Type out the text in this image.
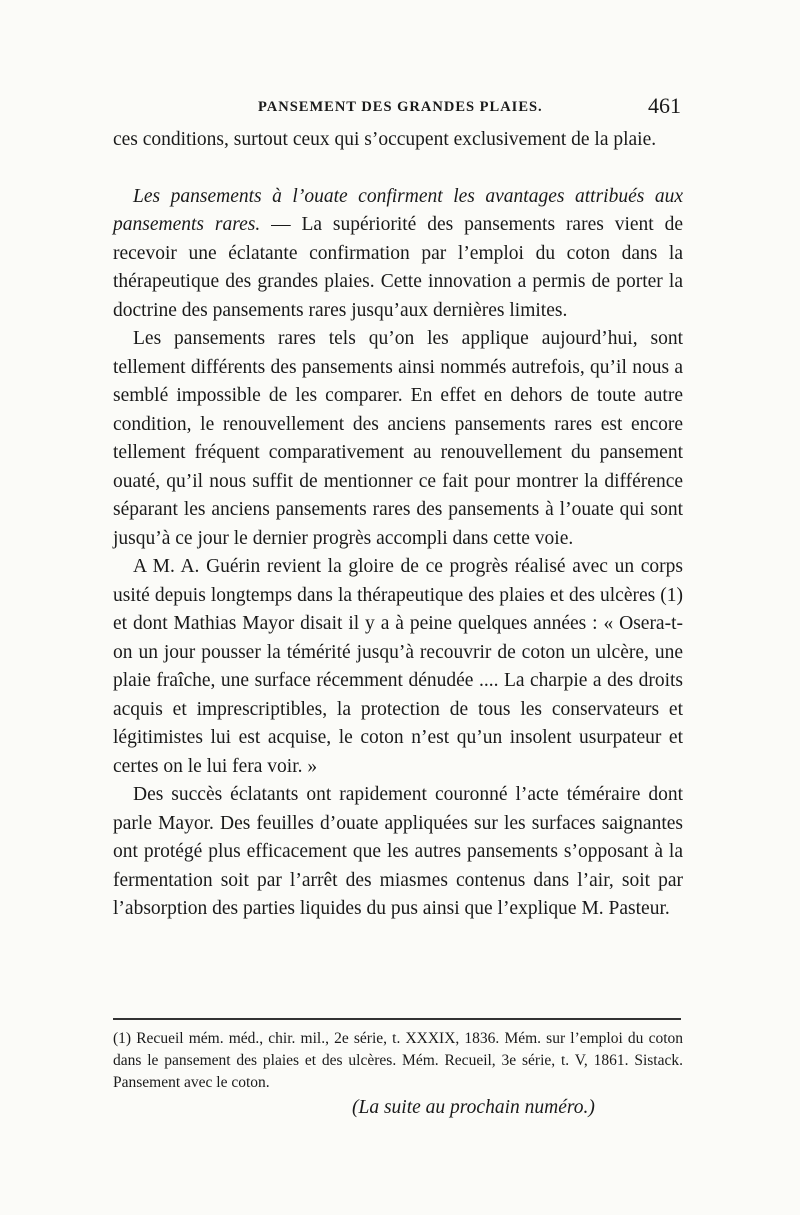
PANSEMENT DES GRANDES PLAIES.	461

ces conditions, surtout ceux qui s’occupent exclusivement de la plaie.

Les pansements à l’ouate confirment les avantages attribués aux pansements rares. — La supériorité des pansements rares vient de recevoir une éclatante confirmation par l’emploi du coton dans la thérapeutique des grandes plaies. Cette innovation a permis de porter la doctrine des pansements rares jusqu’aux dernières limites.

Les pansements rares tels qu’on les applique aujourd’hui, sont tellement différents des pansements ainsi nommés autrefois, qu’il nous a semblé impossible de les comparer. En effet en dehors de toute autre condition, le renouvellement des anciens pansements rares est encore tellement fréquent comparativement au renouvellement du pansement ouaté, qu’il nous suffit de mentionner ce fait pour montrer la différence séparant les anciens pansements rares des pansements à l’ouate qui sont jusqu’à ce jour le dernier progrès accompli dans cette voie.

A M. A. Guérin revient la gloire de ce progrès réalisé avec un corps usité depuis longtemps dans la thérapeutique des plaies et des ulcères (1) et dont Mathias Mayor disait il y a à peine quelques années : « Osera-t-on un jour pousser la témérité jusqu’à recouvrir de coton un ulcère, une plaie fraîche, une surface récemment dénudée .... La charpie a des droits acquis et imprescriptibles, la protection de tous les conservateurs et légitimistes lui est acquise, le coton n’est qu’un insolent usurpateur et certes on le lui fera voir. »

Des succès éclatants ont rapidement couronné l’acte téméraire dont parle Mayor. Des feuilles d’ouate appliquées sur les surfaces saignantes ont protégé plus efficacement que les autres pansements s’opposant à la fermentation soit par l’arrêt des miasmes contenus dans l’air, soit par l’absorption des parties liquides du pus ainsi que l’explique M. Pasteur.

(1) Recueil mém. méd., chir. mil., 2e série, t. XXXIX, 1836. Mém. sur l’emploi du coton dans le pansement des plaies et des ulcères. Mém. Recueil, 3e série, t. V, 1861. Sistack. Pansement avec le coton.
(La suite au prochain numéro.)
